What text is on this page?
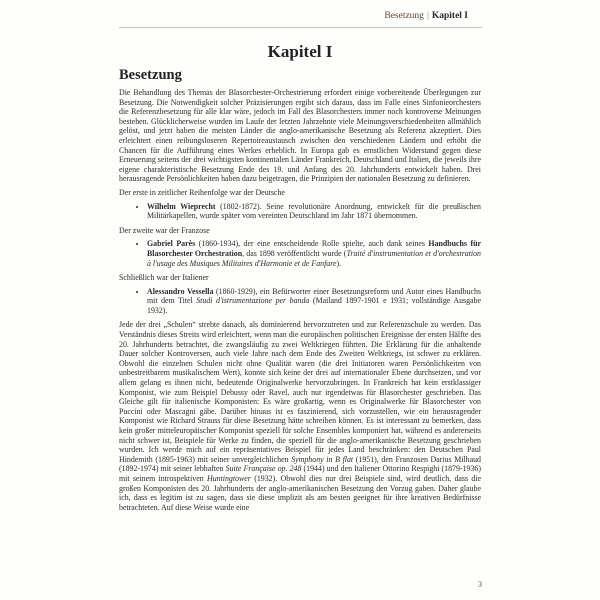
Besetzung | Kapitel I
Kapitel I
Besetzung

Die Behandlung des Themas der Blasorchester-Orchestrierung erfordert einige vorbereitende Überlegungen zur Besetzung. Die Notwendigkeit solcher Präzisierungen ergibt sich daraus, dass im Falle eines Sinfonieorchesters die Referenzbesetzung für alle klar wäre, jedoch im Fall des Blasorchesters immer noch kontroverse Meinungen bestehen. Glücklicherweise wurden im Laufe der letzten Jahrzehnte viele Meinungsverschiedenheiten allmählich gelöst, und jetzt haben die meisten Länder die anglo-amerikanische Besetzung als Referenz akzeptiert. Dies erleichtert einen reibungsloseren Repertoireaustausch zwischen den verschiedenen Ländern und erhöht die Chancen für die Aufführung eines Werkes erheblich. In Europa gab es ernstlichen Widerstand gegen diese Erneuerung seitens der drei wichtigsten kontinentalen Länder Frankreich, Deutschland und Italien, die jeweils ihre eigene charakteristische Besetzung Ende des 19. und Anfang des 20. Jahrhunderts entwickelt haben. Drei herausragende Persönlichkeiten haben dazu beigetragen, die Prinzipien der nationalen Besetzung zu definieren.

Der erste in zeitlicher Reihenfolge war der Deutsche

• Wilhelm Wieprecht (1802-1872). Seine revolutionäre Anordnung, entwickelt für die preußischen Militärkapellen, wurde später vom vereinten Deutschland im Jahr 1871 übernommen.

Der zweite war der Franzose

• Gabriel Parès (1860-1934), der eine entscheidende Rolle spielte, auch dank seines Handbuchs für Blasorchester Orchestration, das 1898 veröffentlicht wurde (Traité d'instrumentation et d'orchestration à l'usage des Musiques Militaires d'Harmonie et de Fanfare).

Schließlich war der Italiener

• Alessandro Vessella (1860-1929), ein Befürworter einer Besetzungsreform und Autor eines Handbuchs mit dem Titel Studi d'istrumentazione per banda (Mailand 1897-1901 e 1931; vollständige Ausgabe 1932).

Jede der drei „Schulen“ strebte danach, als dominierend hervorzutreten und zur Referenzschule zu werden. Das Verständnis dieses Streits wird erleichtert, wenn man die europäischen politischen Ereignisse der ersten Hälfte des 20. Jahrhunderts betrachtet, die zwangsläufig zu zwei Weltkriegen führten. Die Erklärung für die anhaltende Dauer solcher Kontroversen, auch viele Jahre nach dem Ende des Zweiten Weltkriegs, ist schwer zu erklären. Obwohl die einzelnen Schulen nicht ohne Qualität waren (die drei Initiatoren waren Persönlichkeiten von unbestreitbarem musikalischem Wert), konnte sich keine der drei auf internationaler Ebene durchsetzen, und vor allem gelang es ihnen nicht, bedeutende Originalwerke hervorzubringen. In Frankreich hat kein erstklassiger Komponist, wie zum Beispiel Debussy oder Ravel, auch nur irgendetwas für Blasorchester geschrieben. Das Gleiche gilt für italienische Komponisten: Es wäre großartig, wenn es Originalwerke für Blasorchester von Puccini oder Mascagni gäbe. Darüber hinaus ist es faszinierend, sich vorzustellen, wie ein herausragender Komponist wie Richard Strauss für diese Besetzung hätte schreiben können. Es ist interessant zu bemerken, dass kein großer mitteleuropäischer Komponist speziell für solche Ensembles komponiert hat, während es andererseits nicht schwer ist, Beispiele für Werke zu finden, die speziell für die anglo-amerikanische Besetzung geschrieben wurden. Ich werde mich auf ein repräsentatives Beispiel für jedes Land beschränken: den Deutschen Paul Hindemith (1895-1963) mit seiner unvergleichlichen Symphony in B flat (1951), den Franzosen Darius Milhaud (1892-1974) mit seiner lebhaften Suite Française op. 248 (1944) und den Italiener Ottorino Respighi (1879-1936) mit seinem introspektiven Huntingtower (1932). Obwohl dies nur drei Beispiele sind, wird deutlich, dass die großen Komponisten des 20. Jahrhunderts der anglo-amerikanischen Besetzung den Vorzug gaben. Daher glaube ich, dass es legitim ist zu sagen, dass sie diese implizit als am besten geeignet für ihre kreativen Bedürfnisse betrachteten. Auf diese Weise wurde eine

3
